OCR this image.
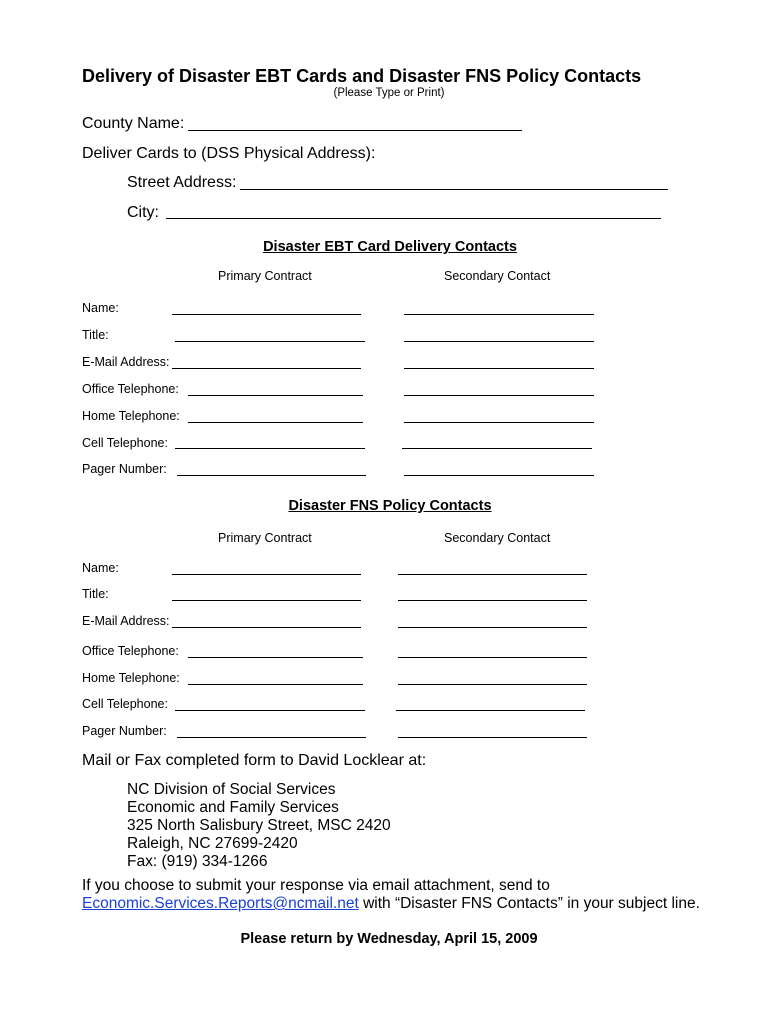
Delivery of Disaster EBT Cards and Disaster FNS Policy Contacts
(Please Type or Print)
County Name:
Deliver Cards to (DSS Physical Address):
Street Address:
City:
Disaster EBT Card Delivery Contacts
Primary Contract	Secondary Contact
Name:
Title:
E-Mail Address:
Office Telephone:
Home Telephone:
Cell Telephone:
Pager Number:
Disaster FNS Policy Contacts
Primary Contract	Secondary Contact
Name:
Title:
E-Mail Address:
Office Telephone:
Home Telephone:
Cell Telephone:
Pager Number:
Mail or Fax completed form to David Locklear at:
NC Division of Social Services
Economic and Family Services
325 North Salisbury Street, MSC 2420
Raleigh, NC 27699-2420
Fax: (919) 334-1266
If you choose to submit your response via email attachment, send to
Economic.Services.Reports@ncmail.net with “Disaster FNS Contacts” in your subject line.
Please return by Wednesday, April 15, 2009
